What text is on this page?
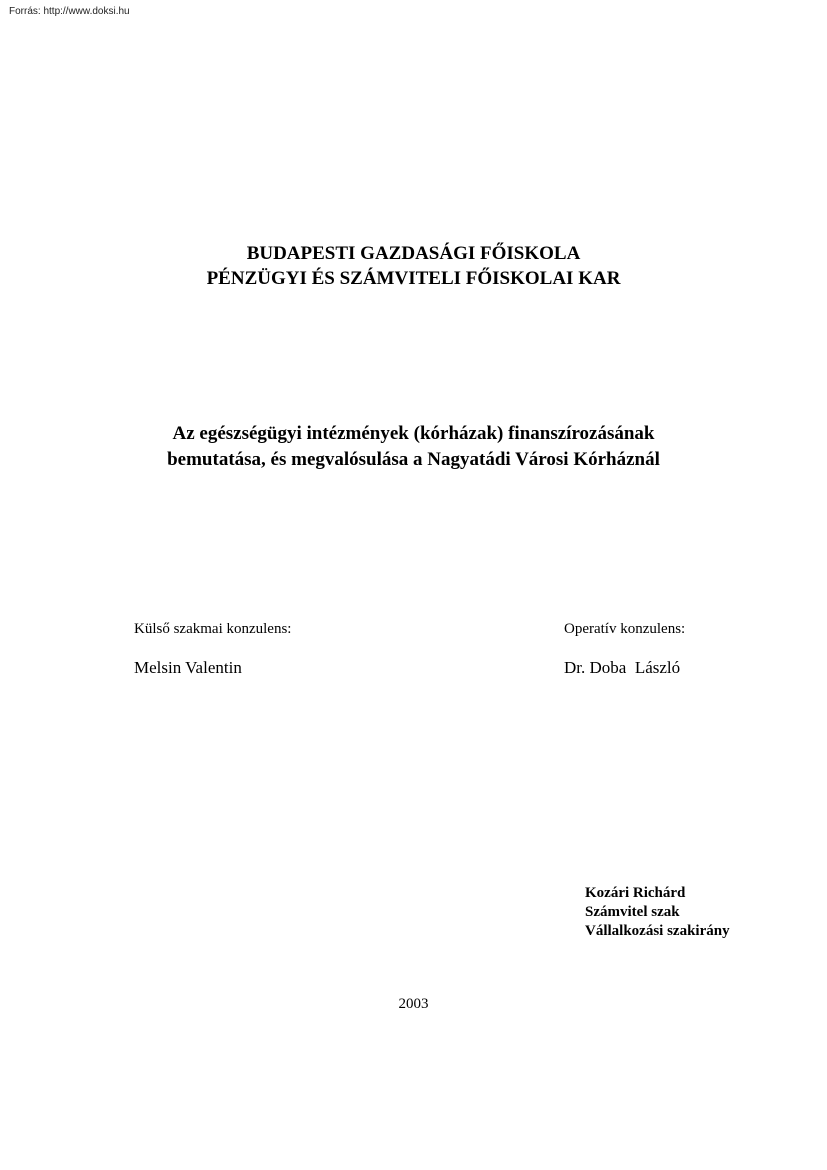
Forrás: http://www.doksi.hu
BUDAPESTI GAZDASÁGI FŐISKOLA
PÉNZÜGYI ÉS SZÁMVITELI FŐISKOLAI KAR
Az egészségügyi intézmények (kórházak) finanszírozásának
bemutatása, és megvalósulása a Nagyatádi Városi Kórháznál
Külső szakmai konzulens:
Melsin Valentin
Operatív konzulens:
Dr. Doba  László
Kozári Richárd
Számvitel szak
Vállalkozási szakirány
2003
